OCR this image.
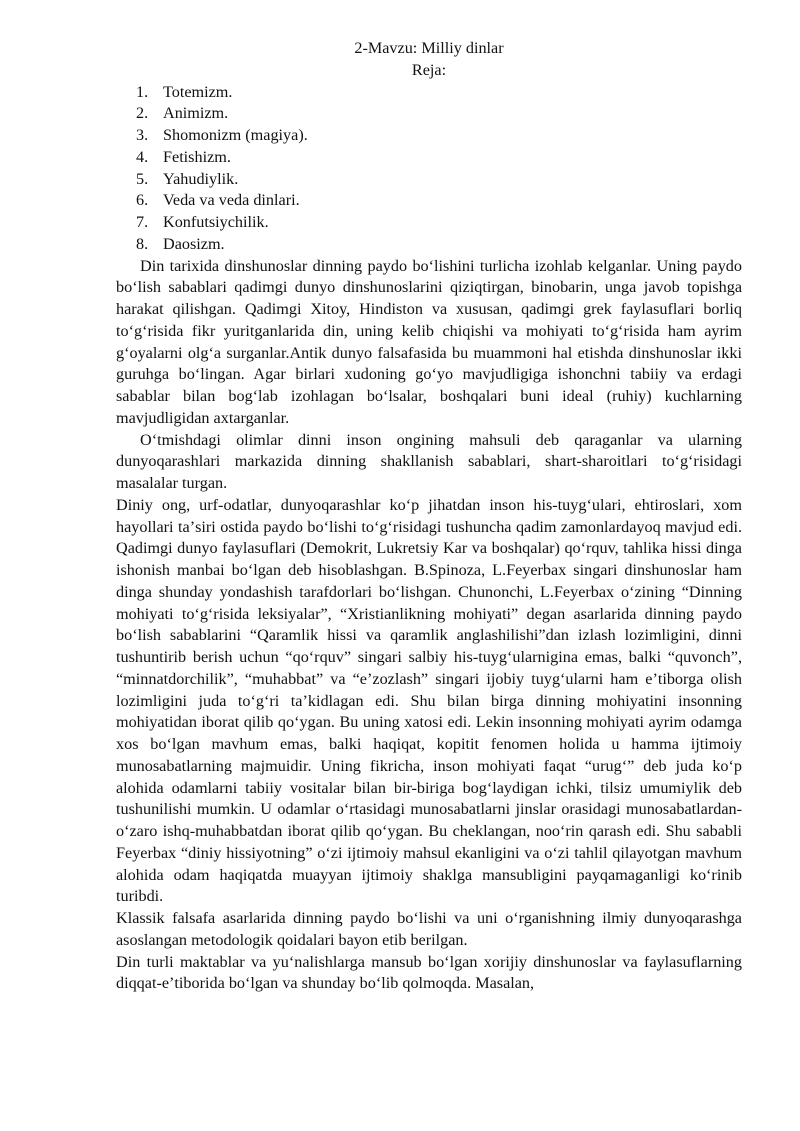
2-Mavzu: Milliy dinlar
Reja:
1. Totemizm.
2. Animizm.
3. Shomonizm (magiya).
4. Fetishizm.
5. Yahudiylik.
6. Veda va veda dinlari.
7. Konfutsiychilik.
8. Daosizm.

Din tarixida dinshunoslar dinning paydo boʻlishini turlicha izohlab kelganlar. Uning paydo boʻlish sabablari qadimgi dunyo dinshunoslarini qiziqtirgan, binobarin, unga javob topishga harakat qilishgan. Qadimgi Xitoy, Hindiston va xususan, qadimgi grek faylasuflari borliq toʻgʻrisida fikr yuritganlarida din, uning kelib chiqishi va mohiyati toʻgʻrisida ham ayrim gʻoyalarni olgʻa surganlar.Antik dunyo falsafasida bu muammoni hal etishda dinshunoslar ikki guruhga boʻlingan. Agar birlari xudoning goʻyo mavjudligiga ishonchni tabiiy va erdagi sabablar bilan bogʻlab izohlagan boʻlsalar, boshqalari buni ideal (ruhiy) kuchlarning mavjudligidan axtarganlar.

Oʻtmishdagi olimlar dinni inson ongining mahsuli deb qaraganlar va ularning dunyoqarashlari markazida dinning shakllanish sabablari, shart-sharoitlari toʻgʻrisidagi masalalar turgan.

Diniy ong, urf-odatlar, dunyoqarashlar koʻp jihatdan inson his-tuygʻulari, ehtiroslari, xom hayollari taʼsiri ostida paydo boʻlishi toʻgʻrisidagi tushuncha qadim zamonlardayoq mavjud edi. Qadimgi dunyo faylasuflari (Demokrit, Lukretsiy Kar va boshqalar) qoʻrquv, tahlika hissi dinga ishonish manbai boʻlgan deb hisoblashgan. B.Spinoza, L.Feyerbax singari dinshunoslar ham dinga shunday yondashish tarafdorlari boʻlishgan. Chunonchi, L.Feyerbax oʻzining “Dinning mohiyati toʻgʻrisida leksiyalar”, “Xristianlikning mohiyati” degan asarlarida dinning paydo boʻlish sabablarini “Qaramlik hissi va qaramlik anglashilishi”dan izlash lozimligini, dinni tushuntirib berish uchun “qoʻrquv” singari salbiy his-tuygʻularnigina emas, balki “quvonch”, “minnatdorchilik”, “muhabbat” va “eʼzozlash” singari ijobiy tuygʻularni ham eʼtiborga olish lozimligini juda toʻgʻri taʼkidlagan edi. Shu bilan birga dinning mohiyatini insonning mohiyatidan iborat qilib qoʻygan. Bu uning xatosi edi. Lekin insonning mohiyati ayrim odamga xos boʻlgan mavhum emas, balki haqiqat, kopitit fenomen holida u hamma ijtimoiy munosabatlarning majmuidir. Uning fikricha, inson mohiyati faqat “urugʻ” deb juda koʻp alohida odamlarni tabiiy vositalar bilan bir-biriga bogʻlaydigan ichki, tilsiz umumiylik deb tushunilishi mumkin. U odamlar oʻrtasidagi munosabatlarni jinslar orasidagi munosabatlardan- oʻzaro ishq-muhabbatdan iborat qilib qoʻygan. Bu cheklangan, nooʻrin qarash edi. Shu sababli Feyerbax “diniy hissiyotning” oʻzi ijtimoiy mahsul ekanligini va oʻzi tahlil qilayotgan mavhum alohida odam haqiqatda muayyan ijtimoiy shaklga mansubligini payqamaganligi koʻrinib turibdi.

Klassik falsafa asarlarida dinning paydo boʻlishi va uni oʻrganishning ilmiy dunyoqarashga asoslangan metodologik qoidalari bayon etib berilgan.

Din turli maktablar va yuʻnalishlarga mansub boʻlgan xorijiy dinshunoslar va faylasuflarning diqqat-eʼtiborida boʻlgan va shunday boʻlib qolmoqda. Masalan,
